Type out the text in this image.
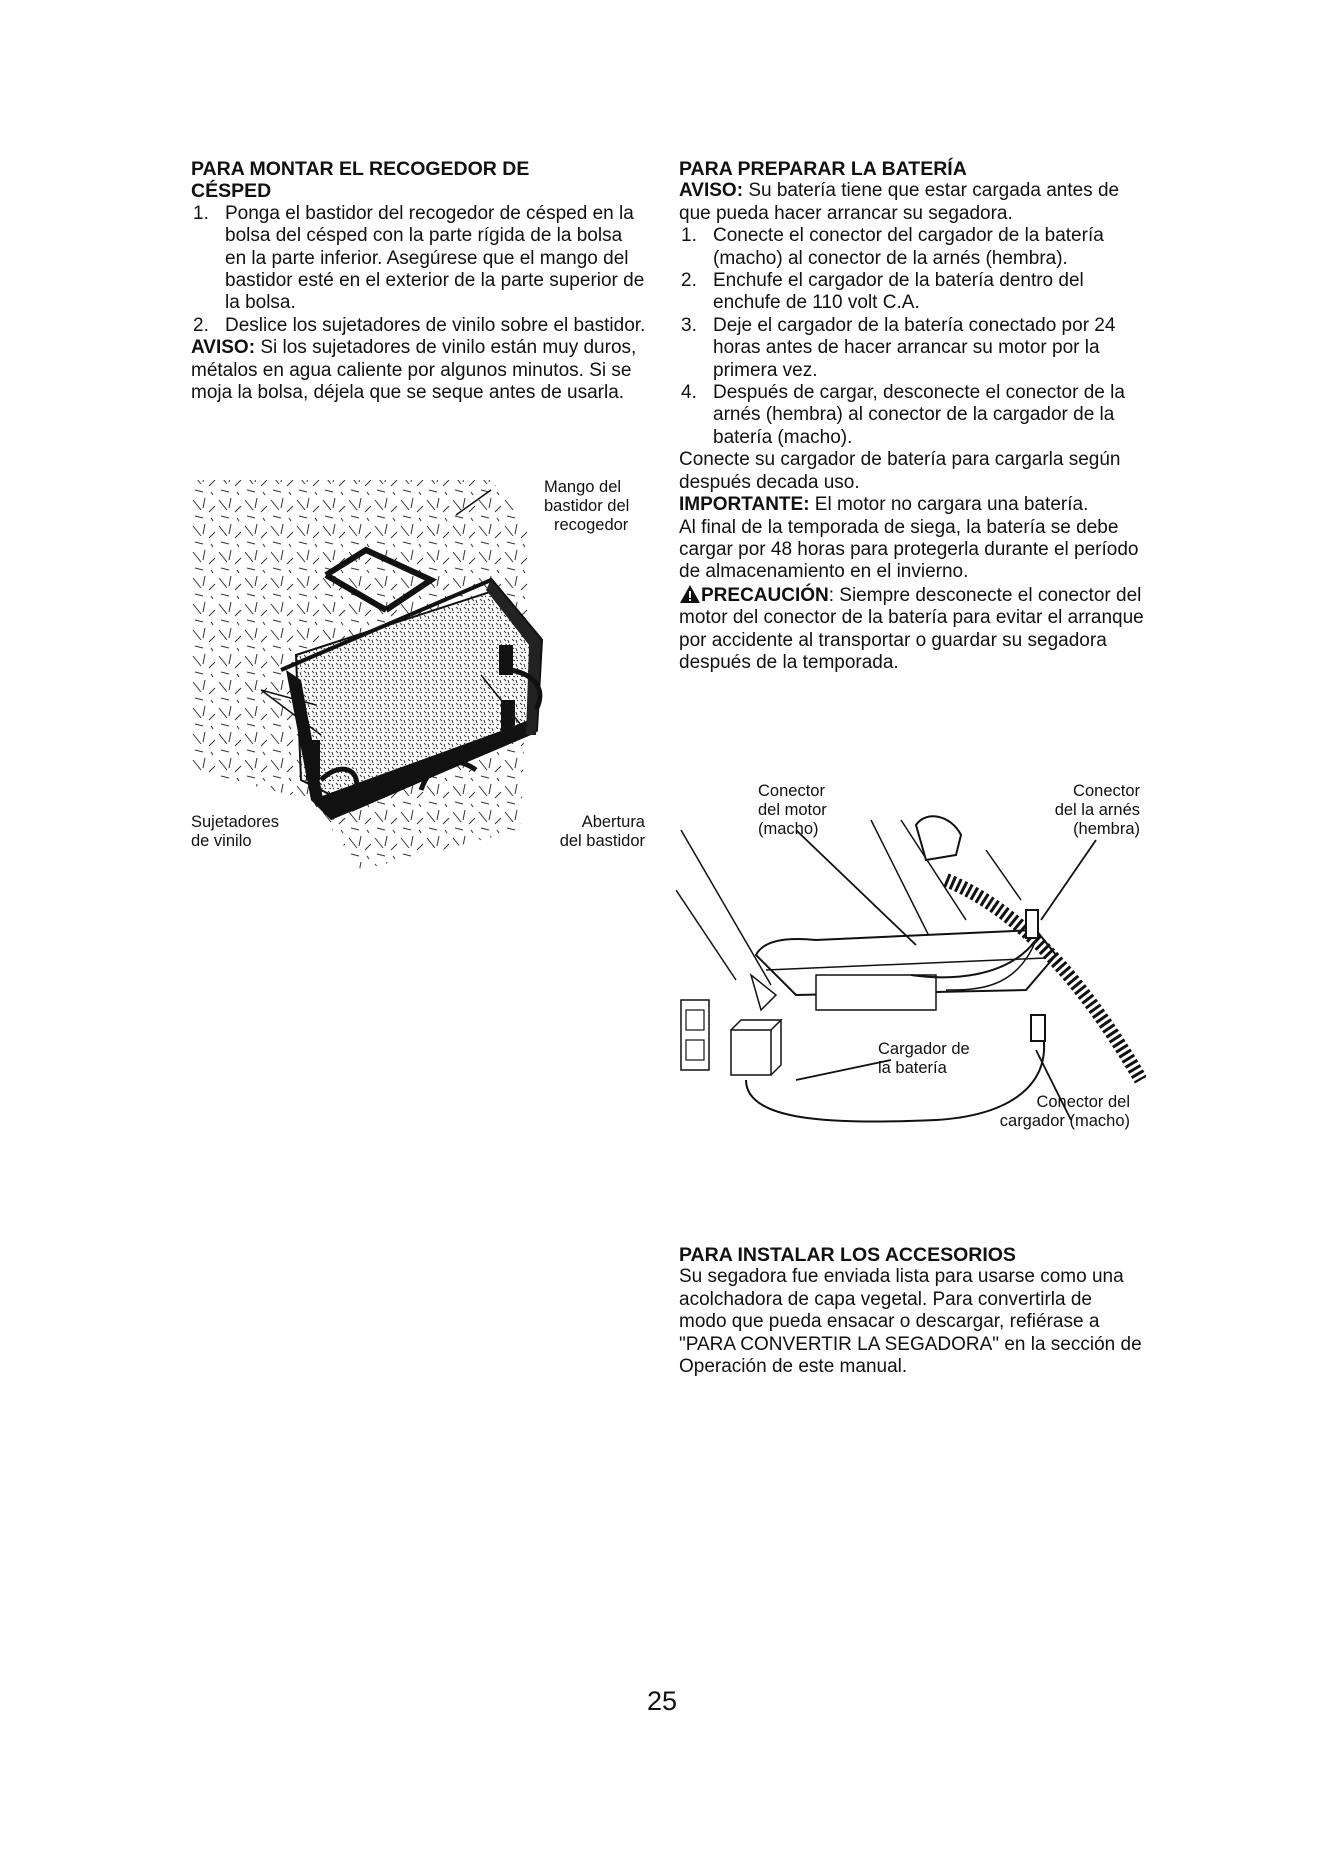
PARA MONTAR EL RECOGEDOR DE
CÉSPED

1. Ponga el bastidor del recogedor de césped en la bolsa del césped con la parte rígida de la bolsa en la parte inferior. Asegúrese que el mango del bastidor esté en el exterior de la parte superior de la bolsa.
2. Deslice los sujetadores de vinilo sobre el bastidor.

AVISO: Si los sujetadores de vinilo están muy duros, métalos en agua caliente por algunos minutos. Si se moja la bolsa, déjela que se seque antes de usarla.

Mango del
bastidor del
recogedor
Sujetadores
de vinilo
Abertura
del bastidor

PARA PREPARAR LA BATERÍA

AVISO: Su batería tiene que estar cargada antes de que pueda hacer arrancar su segadora.

1. Conecte el conector del cargador de la batería (macho) al conector de la arnés (hembra).
2. Enchufe el cargador de la batería dentro del enchufe de 110 volt C.A.
3. Deje el cargador de la batería conectado por 24 horas antes de hacer arrancar su motor por la primera vez.
4. Después de cargar, desconecte el conector de la arnés (hembra) al conector de la cargador de la batería (macho).

Conecte su cargador de batería para cargarla según después decada uso.

IMPORTANTE: El motor no cargara una batería.

Al final de la temporada de siega, la batería se debe cargar por 48 horas para protegerla durante el período de almacenamiento en el invierno.

PRECAUCIÓN: Siempre desconecte el conector del motor del conector de la batería para evitar el arranque por accidente al transportar o guardar su segadora después de la temporada.

Conector
del motor
(macho)
Conector
del la arnés
(hembra)
Cargador de
la batería
Conector del
cargador (macho)

PARA INSTALAR LOS ACCESORIOS

Su segadora fue enviada lista para usarse como una acolchadora de capa vegetal. Para convertirla de modo que pueda ensacar o descargar, refiérase a "PARA CONVERTIR LA SEGADORA" en la sección de Operación de este manual.

25
